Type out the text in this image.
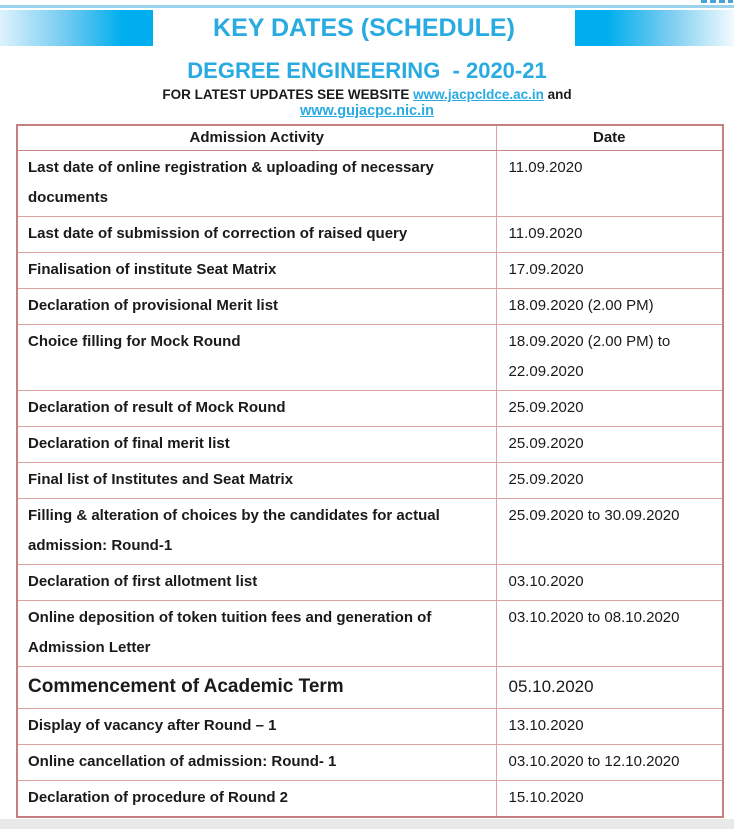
KEY DATES (SCHEDULE)
DEGREE ENGINEERING  - 2020-21
FOR LATEST UPDATES SEE WEBSITE www.jacpcldce.ac.in and
www.gujacpc.nic.in
Admission Activity	Date
Last date of online registration & uploading of necessary documents	11.09.2020
Last date of submission of correction of raised query	11.09.2020
Finalisation of institute Seat Matrix	17.09.2020
Declaration of provisional Merit list	18.09.2020 (2.00 PM)
Choice filling for Mock Round	18.09.2020 (2.00 PM) to 22.09.2020
Declaration of result of Mock Round	25.09.2020
Declaration of final merit list	25.09.2020
Final list of Institutes and Seat Matrix	25.09.2020
Filling & alteration of choices by the candidates for actual admission: Round-1	25.09.2020 to 30.09.2020
Declaration of first allotment list	03.10.2020
Online deposition of token tuition fees and generation of Admission Letter	03.10.2020 to 08.10.2020
Commencement of Academic Term	05.10.2020
Display of vacancy after Round – 1	13.10.2020
Online cancellation of admission: Round- 1	03.10.2020 to 12.10.2020
Declaration of procedure of Round 2	15.10.2020
